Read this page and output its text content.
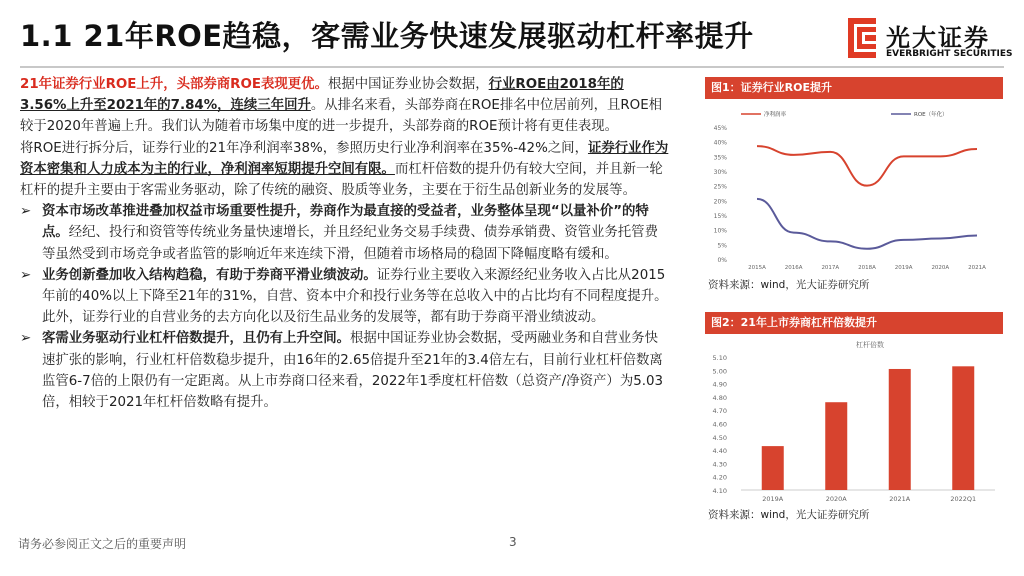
1.1 21年ROE趋稳，客需业务快速发展驱动杠杆率提升	光大证券
EVERBRIGHT SECURITIES

21年证券行业ROE上升，头部券商ROE表现更优。根据中国证券业协会数据，行业ROE由2018年的3.56%上升至2021年的7.84%，连续三年回升。从排名来看，头部券商在ROE排名中位居前列，且ROE相较于2020年普遍上升。我们认为随着市场集中度的进一步提升，头部券商的ROE预计将有更佳表现。

将ROE进行拆分后，证券行业的21年净利润率38%，参照历史行业净利润率在35%-42%之间，证券行业作为资本密集和人力成本为主的行业，净利润率短期提升空间有限。而杠杆倍数的提升仍有较大空间，并且新一轮杠杆的提升主要由于客需业务驱动，除了传统的融资、股质等业务，主要在于衍生品创新业务的发展等。

➢ 资本市场改革推进叠加权益市场重要性提升，券商作为最直接的受益者，业务整体呈现“以量补价”的特点。经纪、投行和资管等传统业务量快速增长，并且经纪业务交易手续费、债券承销费、资管业务托管费等虽然受到市场竞争或者监管的影响近年来连续下滑，但随着市场格局的稳固下降幅度略有缓和。

➢ 业务创新叠加收入结构趋稳，有助于券商平滑业绩波动。证券行业主要收入来源经纪业务收入占比从2015年前的40%以上下降至21年的31%，自营、资本中介和投行业务等在总收入中的占比均有不同程度提升。此外，证券行业的自营业务的去方向化以及衍生品业务的发展等，都有助于券商平滑业绩波动。

➢ 客需业务驱动行业杠杆倍数提升，且仍有上升空间。根据中国证券业协会数据，受两融业务和自营业务快速扩张的影响，行业杠杆倍数稳步提升，由16年的2.65倍提升至21年的3.4倍左右，目前行业杠杆倍数离监管6-7倍的上限仍有一定距离。从上市券商口径来看，2022年1季度杠杆倍数（总资产/净资产）为5.03倍，相较于2021年杠杆倍数略有提升。

图1：证券行业ROE提升
0%
5%
10%
15%
20%
25%
30%
35%
40%
45%
2015A	2016A	2017A	2018A	2019A	2020A	2021A
净利润率	ROE（年化）
资料来源：wind，光大证券研究所
图2：21年上市券商杠杆倍数提升
杠杆倍数
4.10
4.20
4.30
4.40
4.50
4.60
4.70
4.80
4.90
5.00
5.10
2019A	2020A	2021A	2022Q1
资料来源：wind，光大证券研究所
请务必参阅正文之后的重要声明	3
